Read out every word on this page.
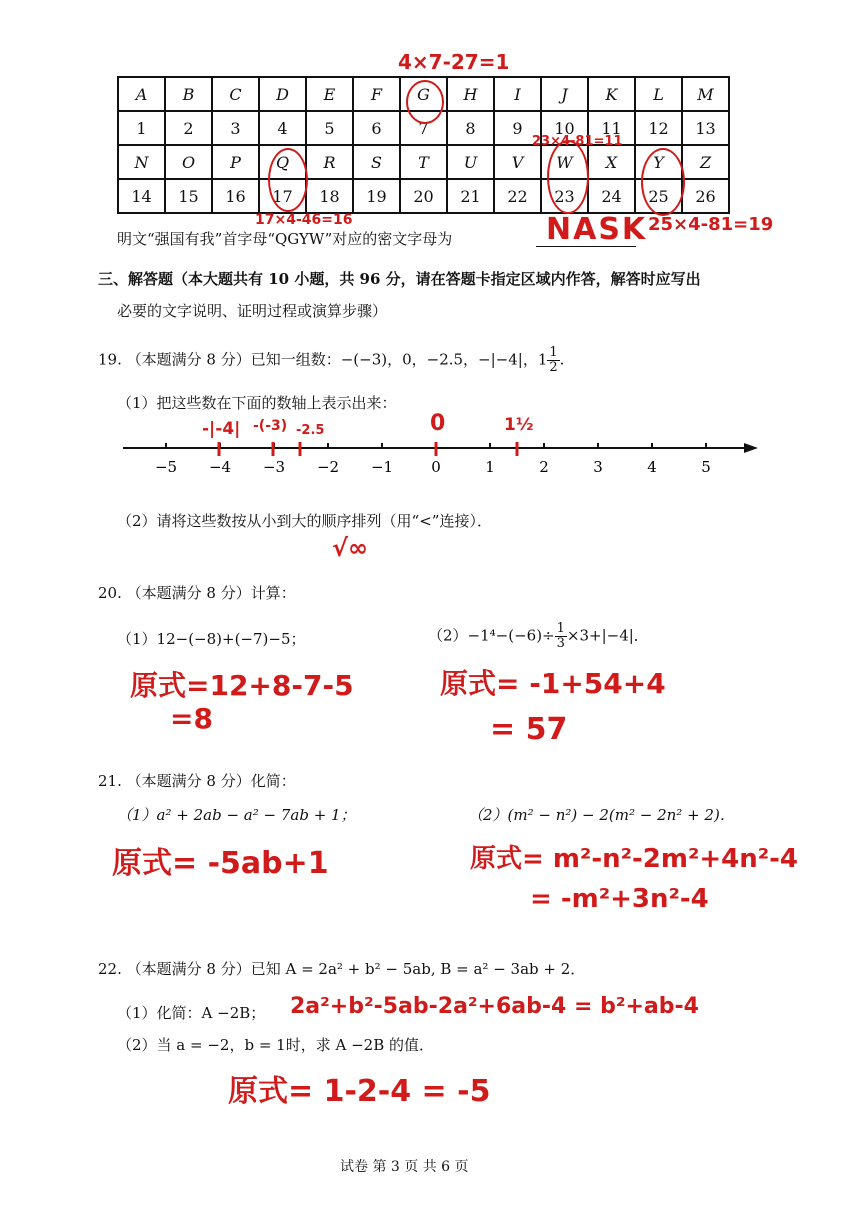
4×7-27=1
A	B	C	D	E	F	G	H	I	J	K	L	M
1	2	3	4	5	6	7	8	9	10	11	12	13
N	O	P	Q	R	S	T	U	V	W	X	Y	Z
14	15	16	17	18	19	20	21	22	23	24	25	26
23×4-81=11
17×4-46=16
明文“强国有我”首字母“QGYW”对应的密文字母为	NASK 25×4-81=19
三、解答题（本大题共有 10 小题，共 96 分，请在答题卡指定区域内作答，解答时应写出
必要的文字说明、证明过程或演算步骤）
19. （本题满分 8 分）已知一组数：−(−3)，0，−2.5，−|−4|，$1 \frac{1}{2}$ .
（1）把这些数在下面的数轴上表示出来：
−5 −4 −3 −2 −1	0	1	2	3	4	5
-|-4| -(-3) -2.5	0	1½
（2）请将这些数按从小到大的顺序排列（用“<”连接）．
√∞
20. （本题满分 8 分）计算：
（1）12−(−8)+(−7)−5；	$(2)-1^4-(-6)\div \frac{1}{3} \times 3+|-4|$．
原式=12+8-7-5
=8
原式= -1+54+4
= 57
21. （本题满分 8 分）化简：
（1）a² + 2ab − a² − 7ab + 1；	（2）(m² − n²) − 2(m² − 2n² + 2)．
原式= -5ab+1	原式= m²-n²-2m²+4n²-4
= -m²+3n²-4
22. （本题满分 8 分）已知 A = 2a² + b² − 5ab, B = a² − 3ab + 2．
（1）化简：A −2B； 2a²+b²-5ab-2a²+6ab-4 = b²+ab-4
（2）当 a = −2，b = 1时，求 A −2B 的值．
原式= 1-2-4 = -5
试卷 第 3 页 共 6 页
